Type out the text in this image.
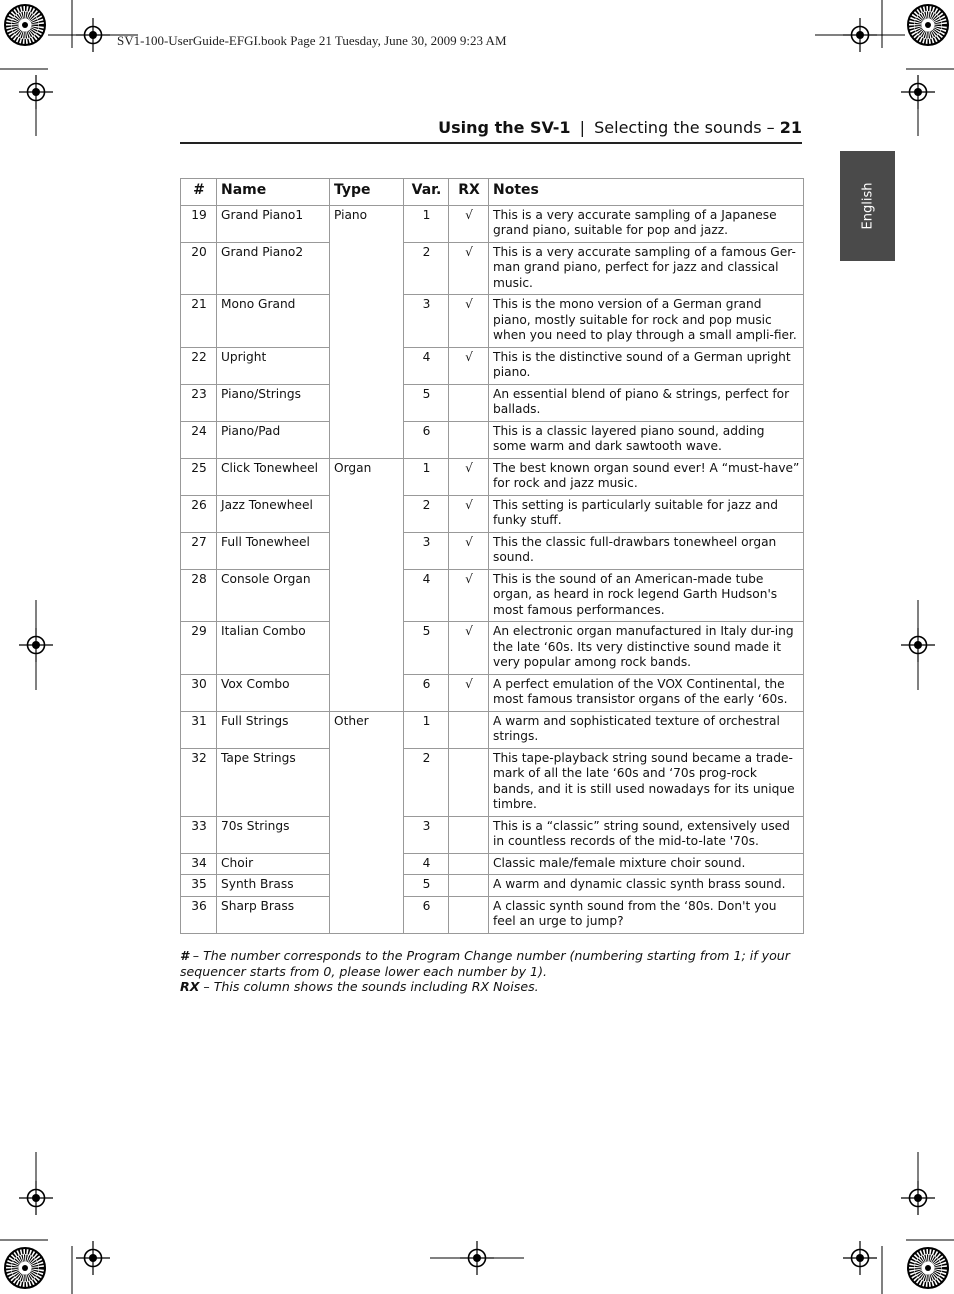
SV1-100-UserGuide-EFGI.book Page 21 Tuesday, June 30, 2009 9:23 AM
Using the SV-1 | Selecting the sounds – 21
English
#	Name	Type	Var.	RX	Notes
19	Grand Piano1	Piano	1	√	This is a very accurate sampling of a Japanese grand piano, suitable for pop and jazz.
20	Grand Piano2		2	√	This is a very accurate sampling of a famous Ger-man grand piano, perfect for jazz and classical music.
21	Mono Grand		3	√	This is the mono version of a German grand piano, mostly suitable for rock and pop music when you need to play through a small ampli-fier.
22	Upright		4	√	This is the distinctive sound of a German upright piano.
23	Piano/Strings		5		An essential blend of piano & strings, perfect for ballads.
24	Piano/Pad		6		This is a classic layered piano sound, adding some warm and dark sawtooth wave.
25	Click Tonewheel	Organ	1	√	The best known organ sound ever! A “must-have” for rock and jazz music.
26	Jazz Tonewheel		2	√	This setting is particularly suitable for jazz and funky stuff.
27	Full Tonewheel		3	√	This the classic full-drawbars tonewheel organ sound.
28	Console Organ		4	√	This is the sound of an American-made tube organ, as heard in rock legend Garth Hudson's most famous performances.
29	Italian Combo		5	√	An electronic organ manufactured in Italy dur-ing the late ‘60s. Its very distinctive sound made it very popular among rock bands.
30	Vox Combo		6	√	A perfect emulation of the VOX Continental, the most famous transistor organs of the early ‘60s.
31	Full Strings	Other	1		A warm and sophisticated texture of orchestral strings.
32	Tape Strings		2		This tape-playback string sound became a trade-mark of all the late ‘60s and ‘70s prog-rock bands, and it is still used nowadays for its unique timbre.
33	70s Strings		3		This is a “classic” string sound, extensively used in countless records of the mid-to-late '70s.
34	Choir		4		Classic male/female mixture choir sound.
35	Synth Brass		5		A warm and dynamic classic synth brass sound.
36	Sharp Brass		6		A classic synth sound from the ‘80s. Don't you feel an urge to jump?
# – The number corresponds to the Program Change number (numbering starting from 1; if your sequencer starts from 0, please lower each number by 1).
RX – This column shows the sounds including RX Noises.
